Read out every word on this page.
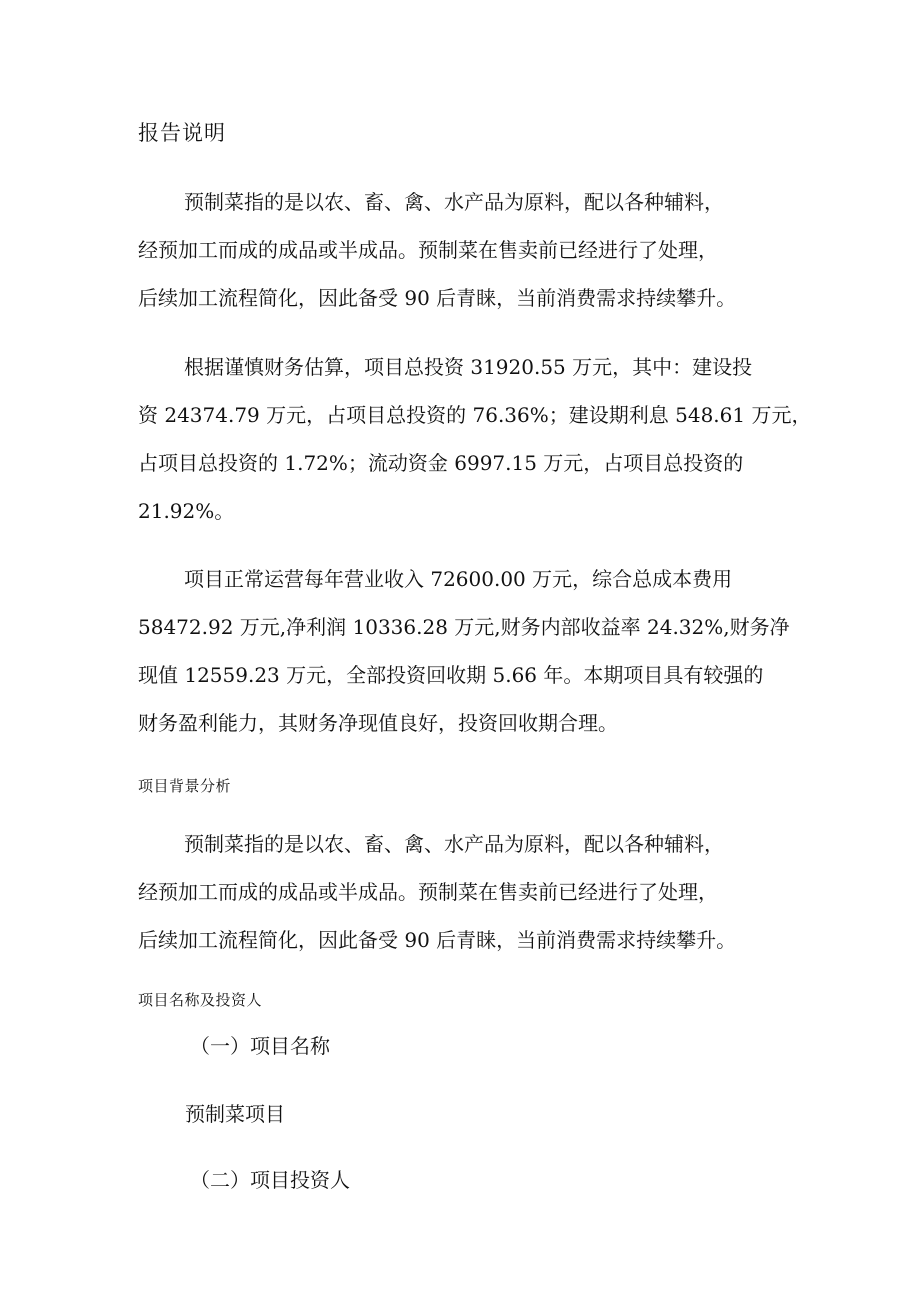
报告说明
预制菜指的是以农、畜、禽、水产品为原料，配以各种辅料，
经预加工而成的成品或半成品。预制菜在售卖前已经进行了处理，
后续加工流程简化，因此备受 90 后青睐，当前消费需求持续攀升。
根据谨慎财务估算，项目总投资 31920.55 万元，其中：建设投
资 24374.79 万元，占项目总投资的 76.36%；建设期利息 548.61 万元，
占项目总投资的 1.72%；流动资金 6997.15 万元，占项目总投资的
21.92%。
项目正常运营每年营业收入 72600.00 万元，综合总成本费用
58472.92 万元,净利润 10336.28 万元,财务内部收益率 24.32%,财务净
现值 12559.23 万元，全部投资回收期 5.66 年。本期项目具有较强的
财务盈利能力，其财务净现值良好，投资回收期合理。
项目背景分析
预制菜指的是以农、畜、禽、水产品为原料，配以各种辅料，
经预加工而成的成品或半成品。预制菜在售卖前已经进行了处理，
后续加工流程简化，因此备受 90 后青睐，当前消费需求持续攀升。
项目名称及投资人
（一）项目名称
预制菜项目
（二）项目投资人
